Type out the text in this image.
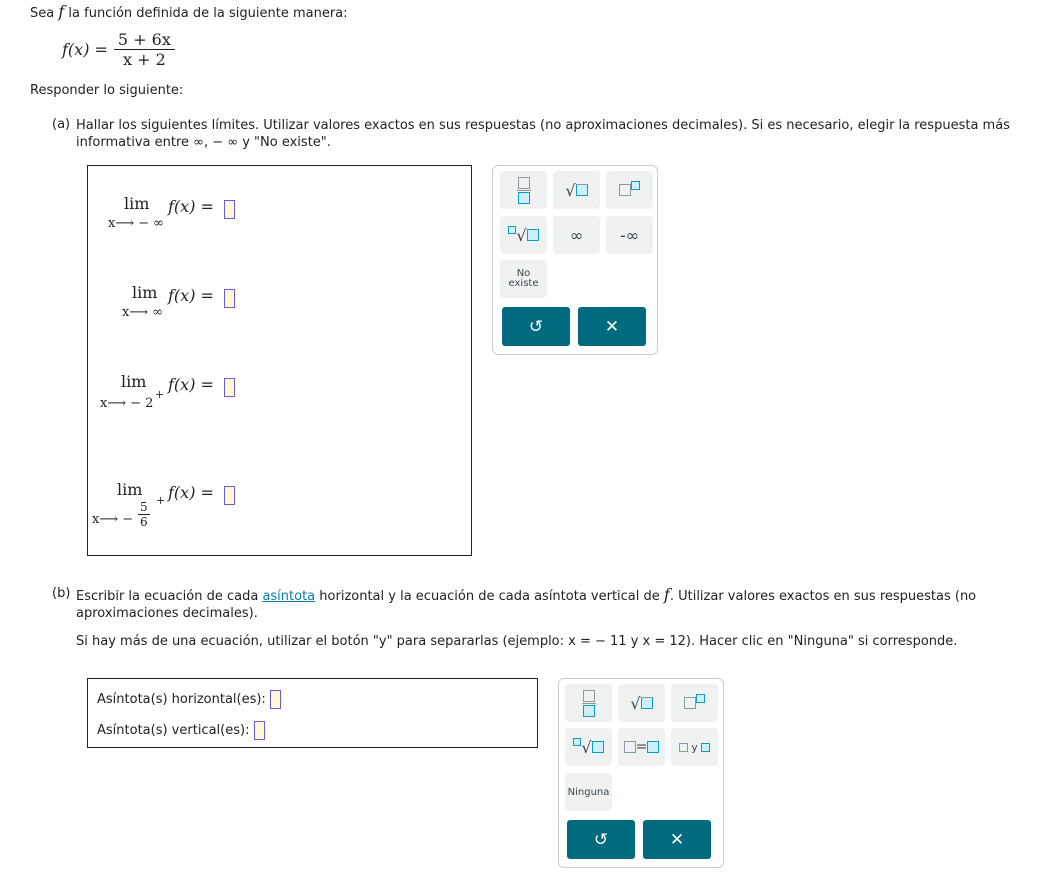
Sea f la función definida de la siguiente manera:
$f(x) = \frac{5 + 6x}{x + 2}$
Responder lo siguiente:
(a) Hallar los siguientes límites. Utilizar valores exactos en sus respuestas (no aproximaciones decimales). Si es necesario, elegir la respuesta más
informativa entre ∞, − ∞ y "No existe".
lim
x⟶ − ∞
f(x) =
lim
x⟶ ∞
f(x) =
lim
x⟶ − 2
+
f(x) =
lim
x⟶ − $\frac{5}{6} + f(x)$ =
√
√	∞	-∞
No
existe
↺	✕
(b) Escribir la ecuación de cada asíntota horizontal y la ecuación de cada asíntota vertical de f. Utilizar valores exactos en sus respuestas (no
aproximaciones decimales).
Si hay más de una ecuación, utilizar el botón "y" para separarlas (ejemplo: x = − 11 y x = 12). Hacer clic en "Ninguna" si corresponde.
Asíntota(s) horizontal(es):
Asíntota(s) vertical(es):
√
√	=	y
Ninguna
↺	✕
